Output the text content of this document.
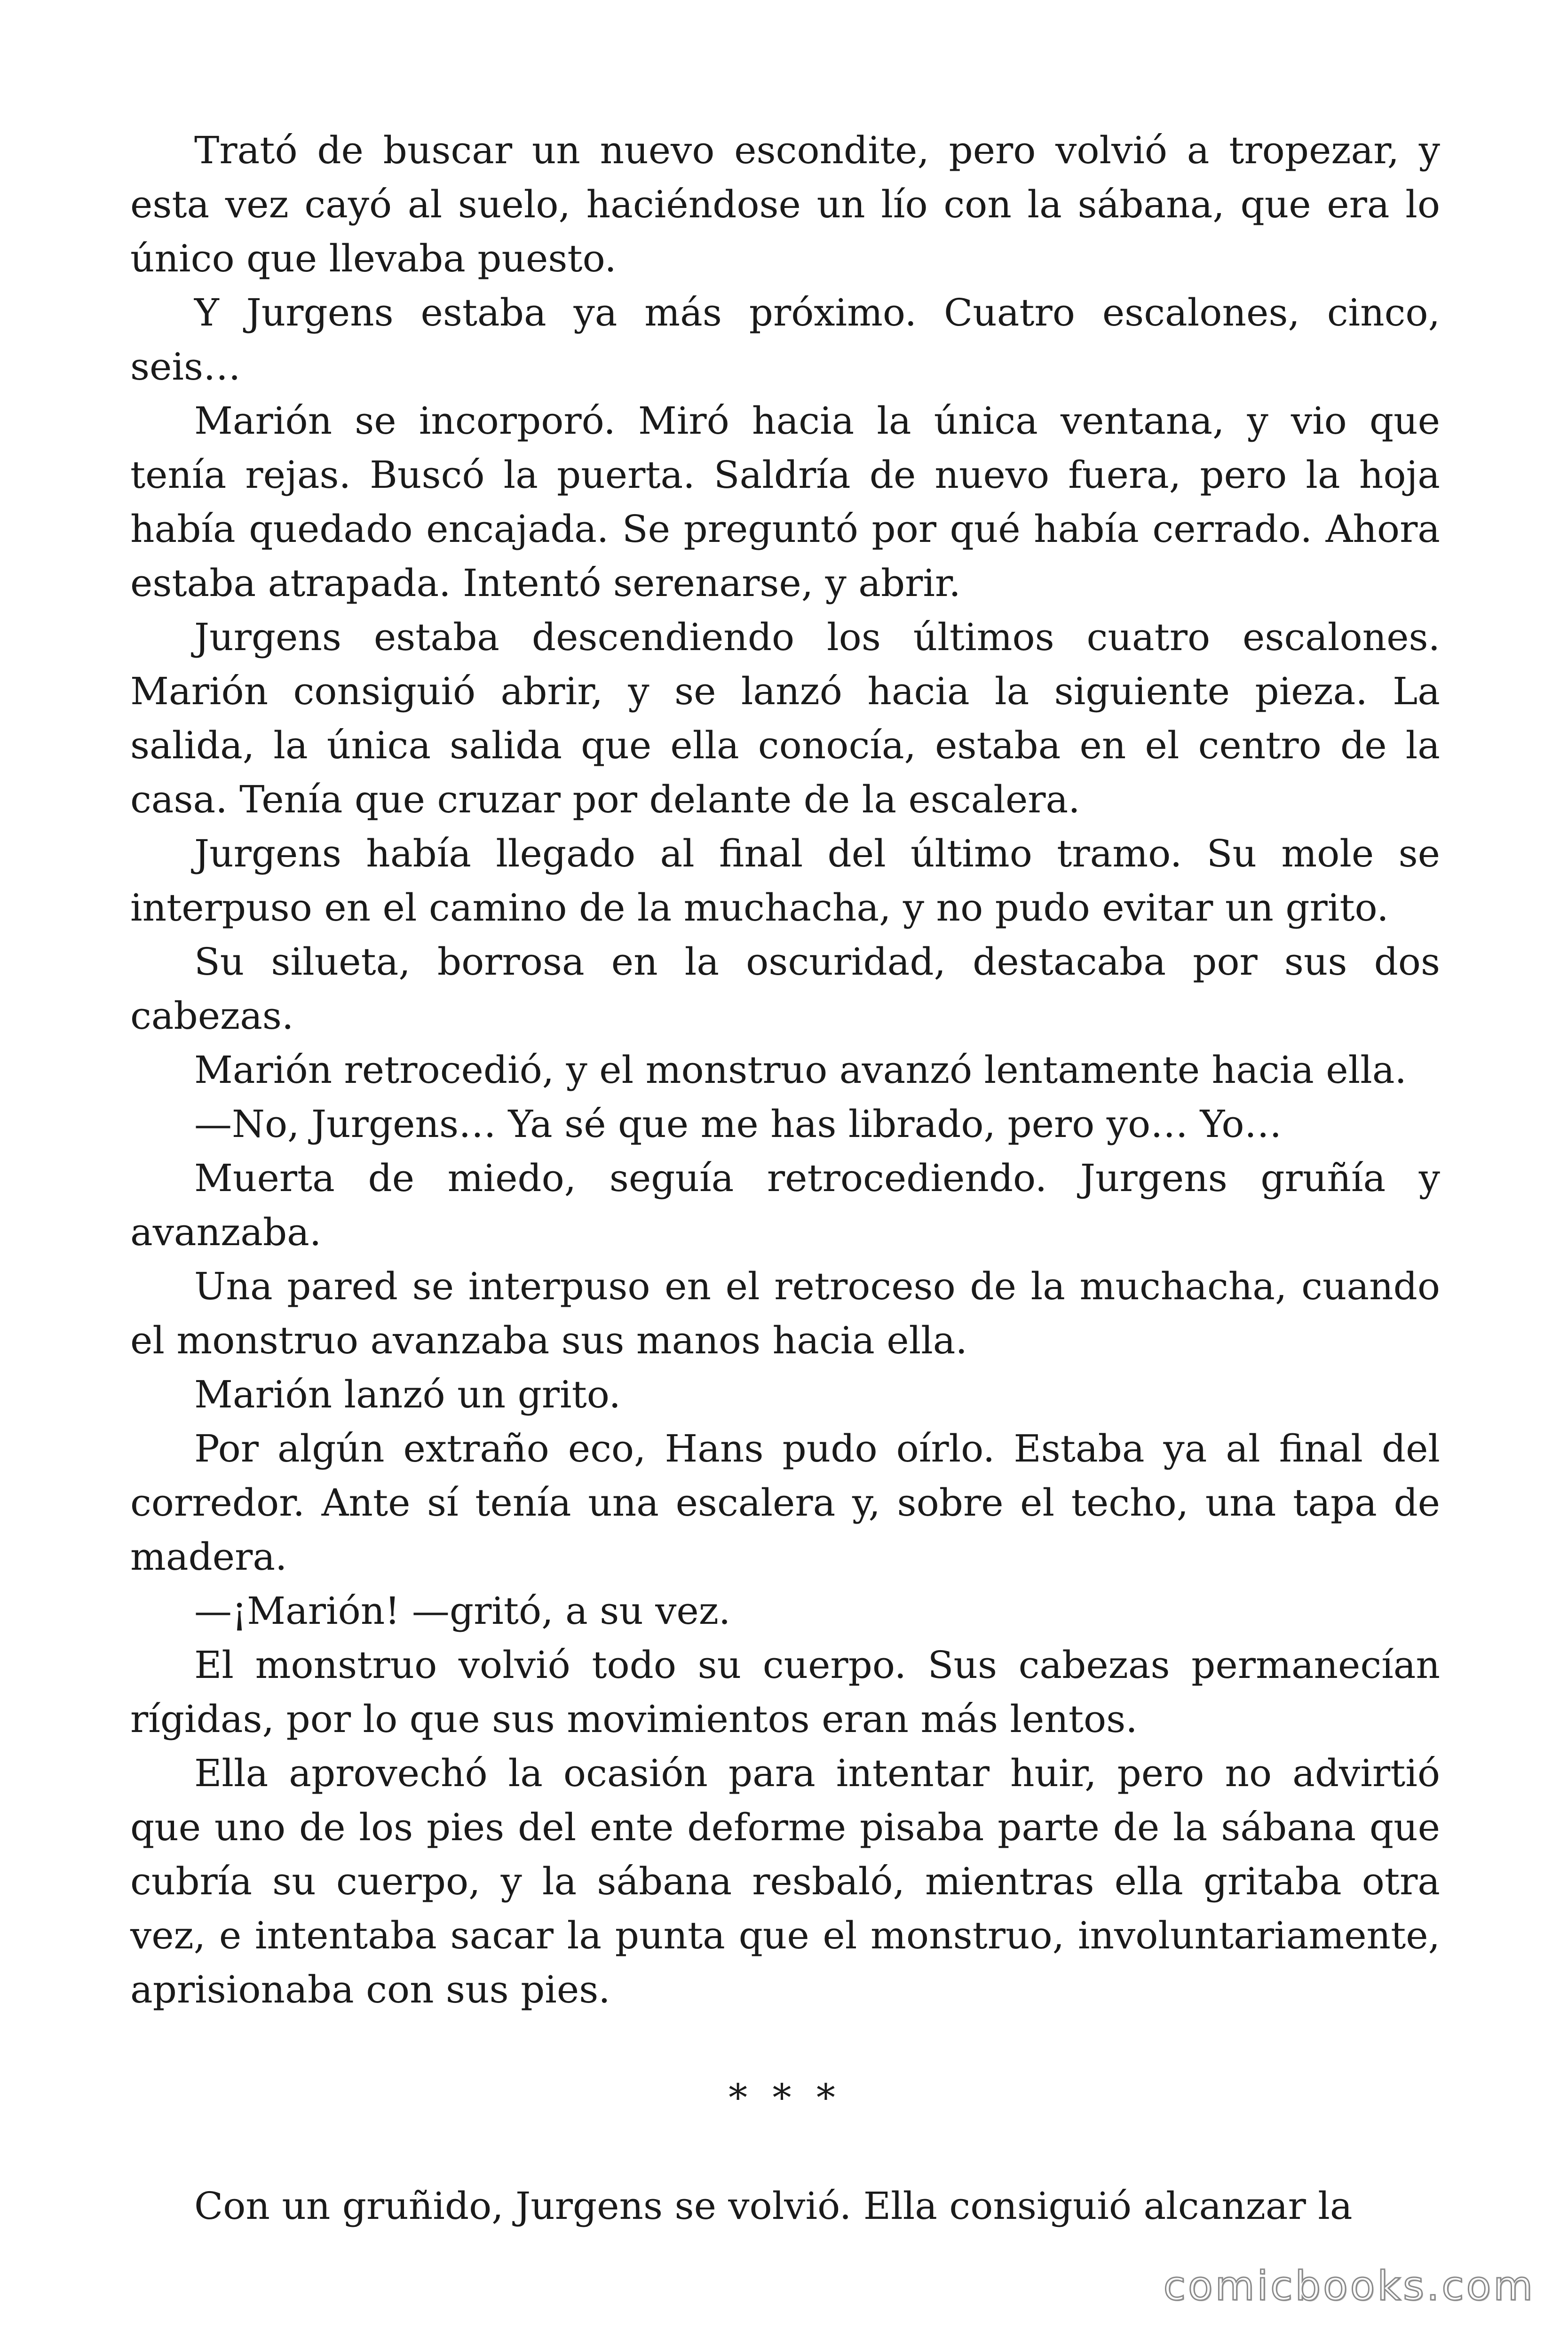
Trató de buscar un nuevo escondite, pero volvió a tropezar, y esta vez cayó al suelo, haciéndose un lío con la sábana, que era lo único que llevaba puesto.

Y Jurgens estaba ya más próximo. Cuatro escalones, cinco, seis…

Marión se incorporó. Miró hacia la única ventana, y vio que tenía rejas. Buscó la puerta. Saldría de nuevo fuera, pero la hoja había quedado encajada. Se preguntó por qué había cerrado. Ahora estaba atrapada. Intentó serenarse, y abrir.

Jurgens estaba descendiendo los últimos cuatro escalones. Marión consiguió abrir, y se lanzó hacia la siguiente pieza. La salida, la única salida que ella conocía, estaba en el centro de la casa. Tenía que cruzar por delante de la escalera.

Jurgens había llegado al final del último tramo. Su mole se interpuso en el camino de la muchacha, y no pudo evitar un grito.

Su silueta, borrosa en la oscuridad, destacaba por sus dos cabezas.

Marión retrocedió, y el monstruo avanzó lentamente hacia ella.

—No, Jurgens… Ya sé que me has librado, pero yo… Yo…

Muerta de miedo, seguía retrocediendo. Jurgens gruñía y avanzaba.

Una pared se interpuso en el retroceso de la muchacha, cuando el monstruo avanzaba sus manos hacia ella.

Marión lanzó un grito.

Por algún extraño eco, Hans pudo oírlo. Estaba ya al final del corredor. Ante sí tenía una escalera y, sobre el techo, una tapa de madera.

—¡Marión! —gritó, a su vez.

El monstruo volvió todo su cuerpo. Sus cabezas permanecían rígidas, por lo que sus movimientos eran más lentos.

Ella aprovechó la ocasión para intentar huir, pero no advirtió que uno de los pies del ente deforme pisaba parte de la sábana que cubría su cuerpo, y la sábana resbaló, mientras ella gritaba otra vez, e intentaba sacar la punta que el monstruo, involuntariamente, aprisionaba con sus pies.

* * *

Con un gruñido, Jurgens se volvió. Ella consiguió alcanzar la

comicbooks.com
